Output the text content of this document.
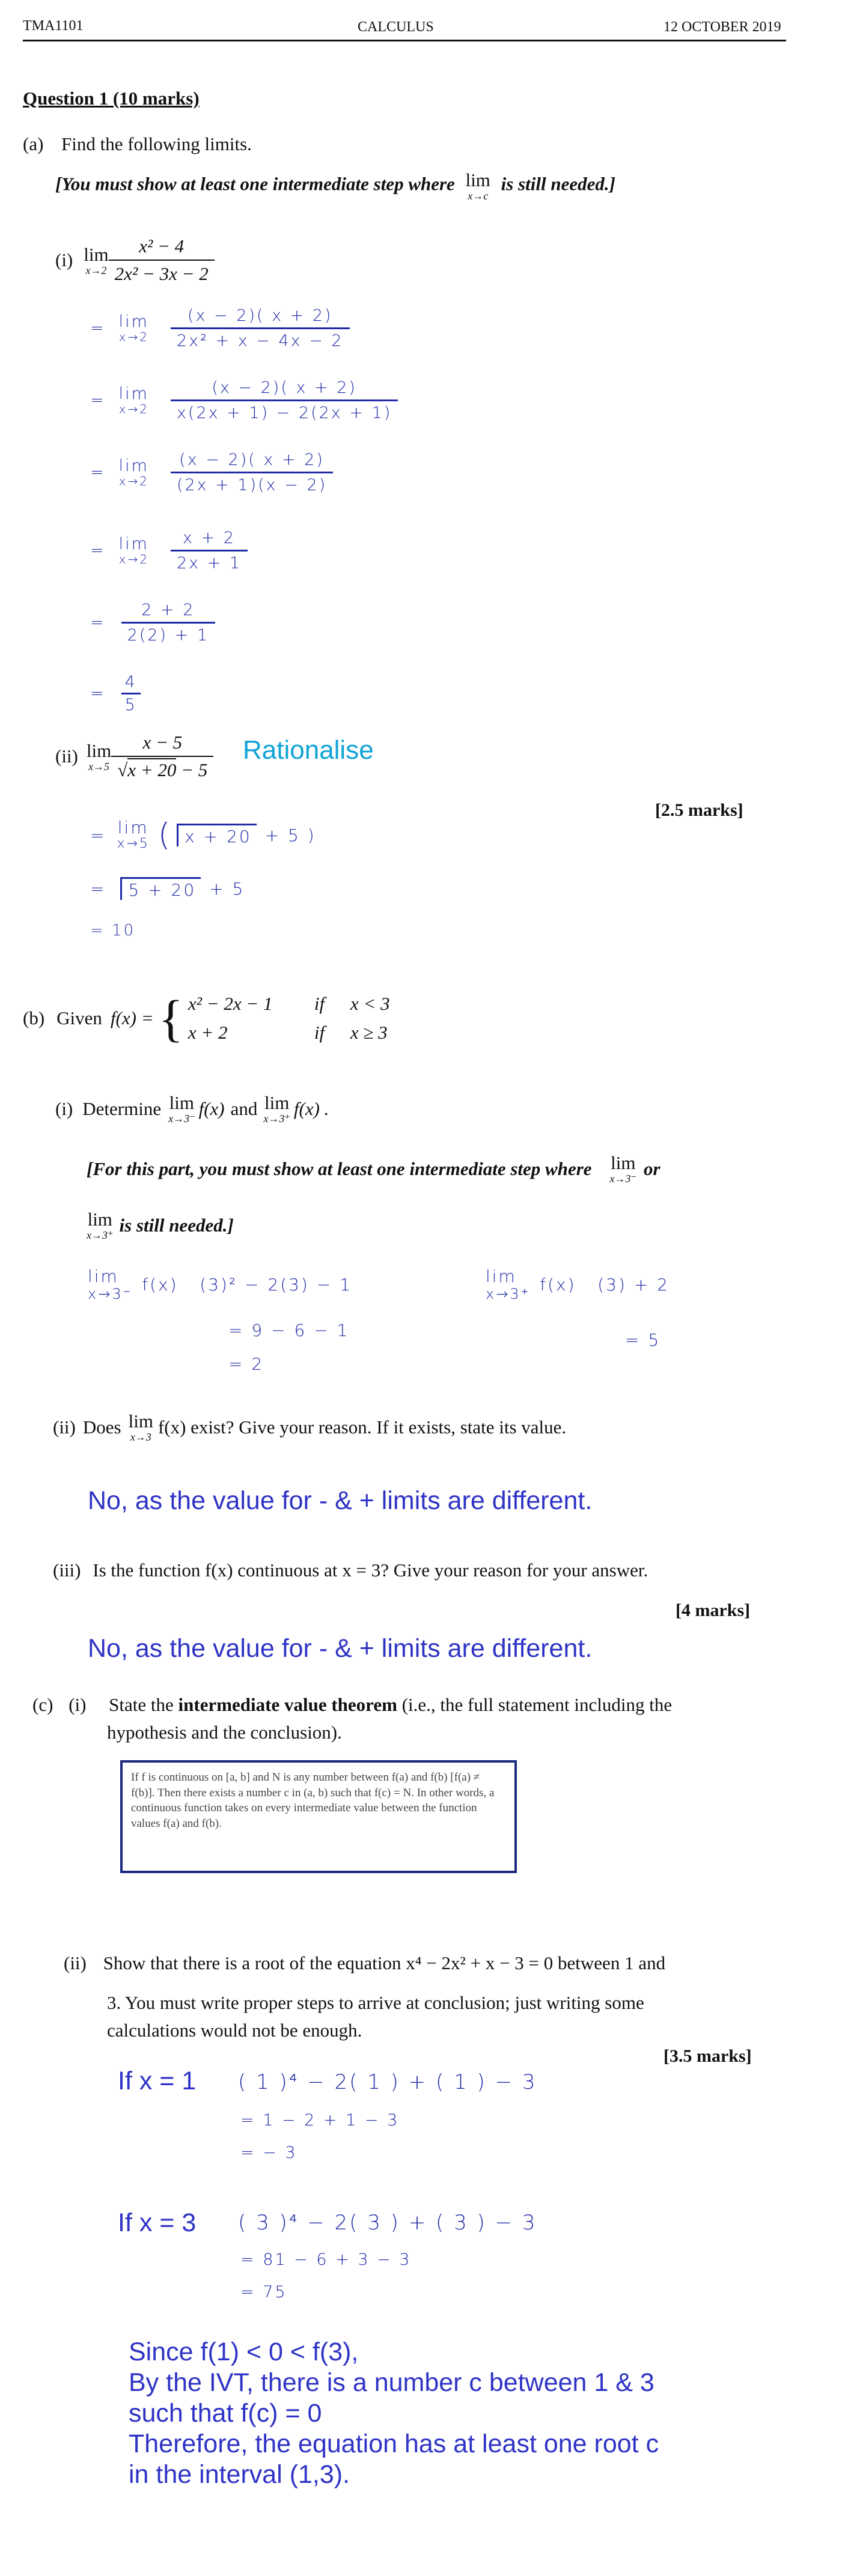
TMA1101	CALCULUS	12 OCTOBER 2019
Question 1 (10 marks)
(a) Find the following limits.
[You must show at least one intermediate step where lim
x→c
is still needed.]
(i) lim
$x\to 2 \frac{\text{x² − 4}}{\text{2x² − 3x − 2}}$
= lim
$x\to 2 \frac{(x - 2)( x + 2)}{\text{2x² + x − 4x − 2}}$
= lim
$x\to 2 \frac{(x - 2)( x + 2)}{x(2x + 1) - 2(2x + 1)}$
= lim
$x\to 2 \frac{(x - 2)( x + 2)}{(2x + 1)(x - 2)}$
= lim
$x\to 2 \frac{x + 2}{2x + 1}$
= $\frac{2 + 2}{2(2) + 1}$
= $\frac{4}{5}$
(ii) lim
$x\to 5 \frac{x - 5}{√x + 20 - 5}$ Rationalise
[2.5 marks]
= lim
x→5 ( x + 20 + 5 )
=	5 + 20 + 5
= 10
(b) Given f(x) = { x² − 2x − 1	if	x < 3
x + 2	if	x ≥ 3
(i) Determine lim
x→3⁻ f(x) and lim
x→3⁺ f(x) .
[For this part, you must show at least one intermediate step where lim
x→3⁻ or
lim
x→3⁺ is still needed.]
lim
x→3⁻ f(x)   (3)² − 2(3) − 1
= 9 − 6 − 1
= 2
lim
x→3⁺ f(x)   (3) + 2
= 5
(ii) Does lim
x→3 f(x) exist? Give your reason. If it exists, state its value.
No, as the value for - & + limits are different.
(iii) Is the function f(x) continuous at x = 3? Give your reason for your answer.
[4 marks]
No, as the value for - & + limits are different.
(c) (i) State the intermediate value theorem (i.e., the full statement including the
hypothesis and the conclusion).
If f is continuous on [a, b] and N is any number between f(a) and f(b) [f(a) ≠ f(b)]. Then there exists a number c in (a, b) such that f(c) = N. In other words, a continuous function takes on every intermediate value between the function values f(a) and f(b).
(ii) Show that there is a root of the equation x⁴ − 2x² + x − 3 = 0 between 1 and
3. You must write proper steps to arrive at conclusion; just writing some
calculations would not be enough.
[3.5 marks]
If x = 1 ( 1 )⁴ − 2( 1 ) + ( 1 ) − 3
= 1 − 2 + 1 − 3
= − 3
If x = 3 ( 3 )⁴ − 2( 3 ) + ( 3 ) − 3
= 81 − 6 + 3 − 3
= 75
Since f(1) < 0 < f(3),
By the IVT, there is a number c between 1 & 3
such that f(c) = 0
Therefore, the equation has at least one root c
in the interval (1,3).
